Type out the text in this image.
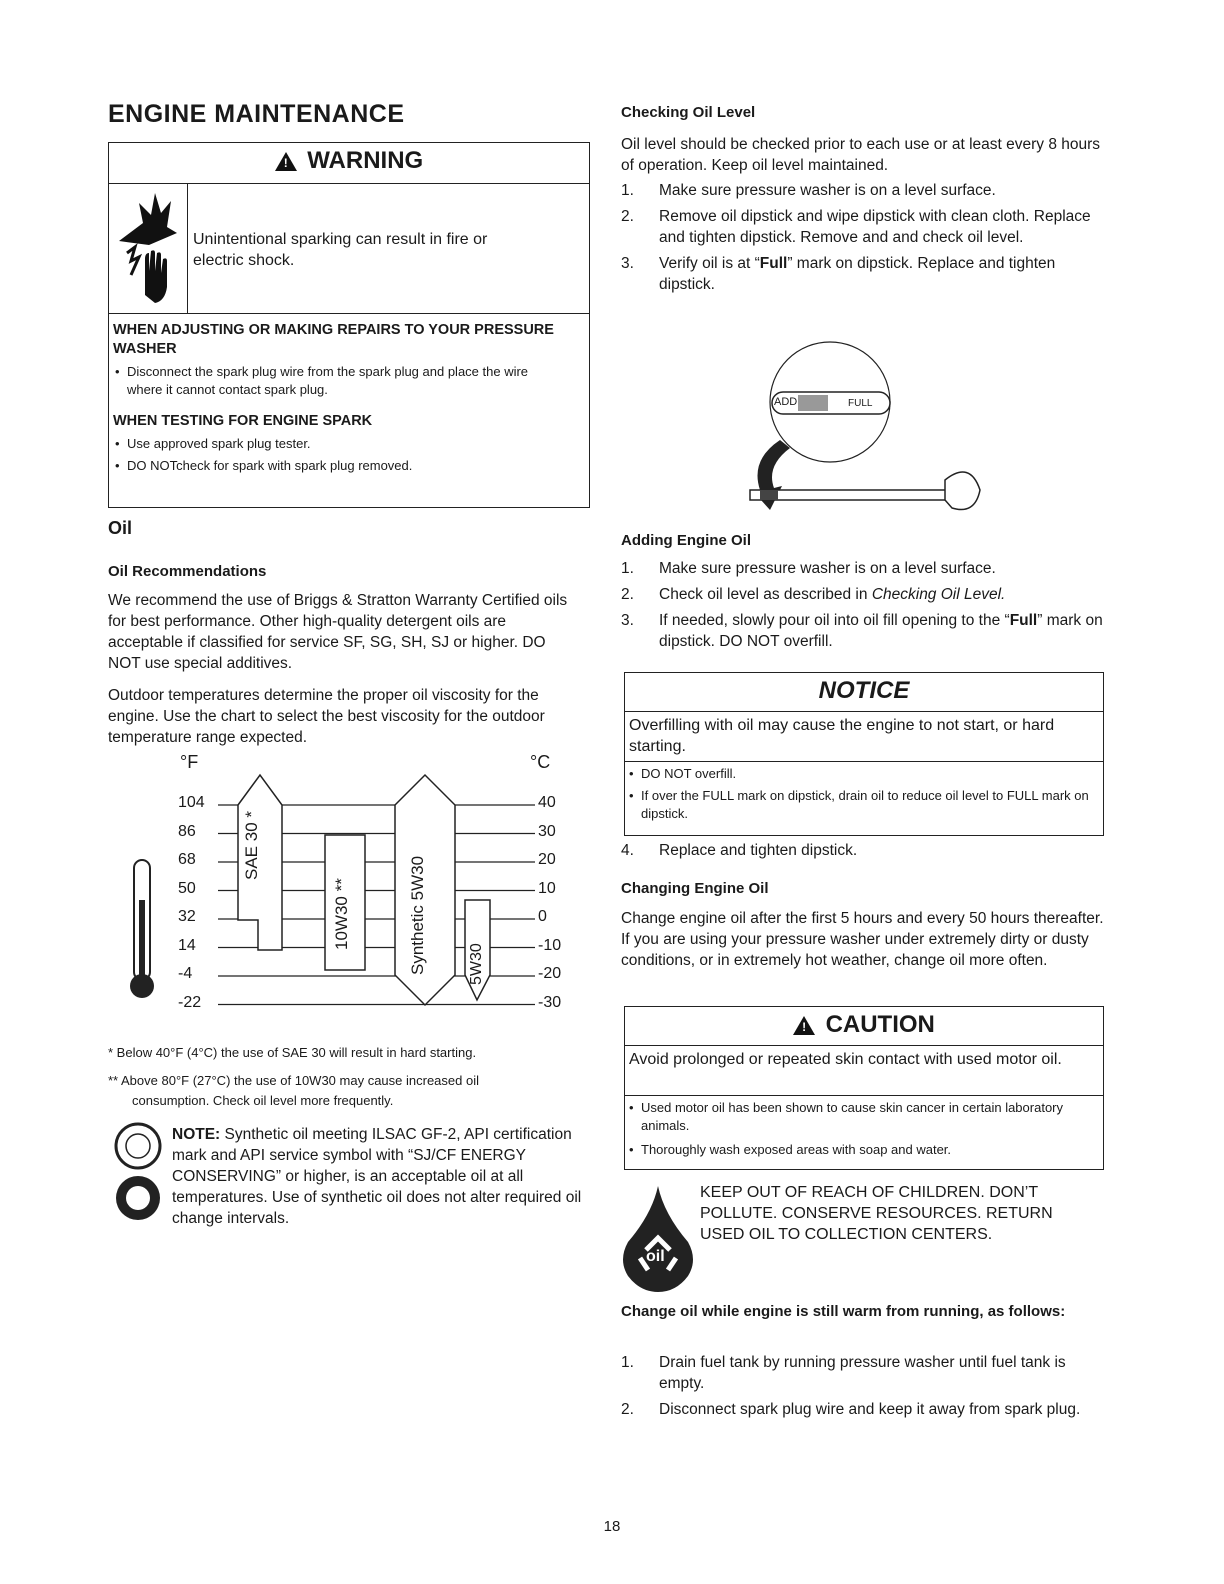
ENGINE MAINTENANCE
! WARNING

Unintentional sparking can result in fire or electric shock.

WHEN ADJUSTING OR MAKING REPAIRS TO YOUR PRESSURE WASHER
• Disconnect the spark plug wire from the spark plug and place the wire where it cannot contact spark plug.
WHEN TESTING FOR ENGINE SPARK
• Use approved spark plug tester.
• DO NOTcheck for spark with spark plug removed.
Oil
Oil Recommendations

We recommend the use of Briggs & Stratton Warranty Certified oils for best performance. Other high-quality detergent oils are acceptable if classified for service SF, SG, SH, SJ or higher. DO NOT use special additives.

Outdoor temperatures determine the proper oil viscosity for the engine. Use the chart to select the best viscosity for the outdoor temperature range expected.

°F	°C
SAE 30 *
10W30 **	Synthetic 5W30	5W30
104	40
86	30
68	20
50	10
32	0
14	-10
-4	-20
-22	-30
* Below 40°F (4°C) the use of SAE 30 will result in hard starting.
** Above 80°F (27°C) the use of 10W30 may cause increased oil
consumption. Check oil level more frequently.

NOTE: Synthetic oil meeting ILSAC GF-2, API certification mark and API service symbol with “SJ/CF ENERGY CONSERVING” or higher, is an acceptable oil at all temperatures. Use of synthetic oil does not alter required oil change intervals.

Checking Oil Level

Oil level should be checked prior to each use or at least every 8 hours of operation. Keep oil level maintained.

1. Make sure pressure washer is on a level surface.
2. Remove oil dipstick and wipe dipstick with clean cloth. Replace and tighten dipstick. Remove and and check oil level.
3. Verify oil is at “Full” mark on dipstick. Replace and tighten dipstick.
ADD	FULL
Adding Engine Oil
1. Make sure pressure washer is on a level surface.
2. Check oil level as described in Checking Oil Level.
3. If needed, slowly pour oil into oil fill opening to the “Full” mark on dipstick. DO NOT overfill.
NOTICE

Overfilling with oil may cause the engine to not start, or hard starting.

• DO NOT overfill.
• If over the FULL mark on dipstick, drain oil to reduce oil level to FULL mark on dipstick.
4. Replace and tighten dipstick.
Changing Engine Oil

Change engine oil after the first 5 hours and every 50 hours thereafter. If you are using your pressure washer under extremely dirty or dusty conditions, or in extremely hot weather, change oil more often.

! CAUTION

Avoid prolonged or repeated skin contact with used motor oil.

• Used motor oil has been shown to cause skin cancer in certain laboratory animals.
• Thoroughly wash exposed areas with soap and water.
oil

KEEP OUT OF REACH OF CHILDREN. DON’T POLLUTE. CONSERVE RESOURCES. RETURN USED OIL TO COLLECTION CENTERS.

Change oil while engine is still warm from running, as follows:
1. Drain fuel tank by running pressure washer until fuel tank is empty.
2. Disconnect spark plug wire and keep it away from spark plug.
18
